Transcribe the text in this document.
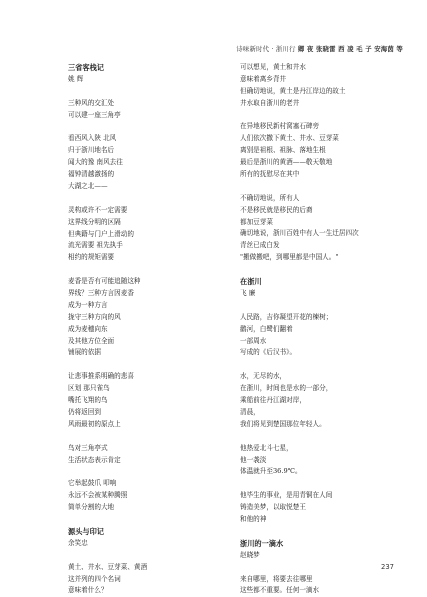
诗味新时代 · 浙川行 卿 夜 张晓雷 西 凌 毛 子 安海茵 等
三省客栈记
姚 辉
三种风的交汇处
可以建一座三角亭
看西风入陕 北风
归于浙川地名后
闻大的豫 南风去往
福钟清越激扬的
大湖之北——
灵构或许不一定需要
这界线分明的区隔
但典籍与门户上滑动的
流光需要 祖先执手
相约的规矩需要
麦香是否有可能追随这种
界线？三种方言因麦香
成为一种方言
拢守三种方向的风
成为麦穗向东
及其他方位全面
铺展的依据
让悲事推系明确的悲喜
区划 那只雀鸟
嘴托飞翔的鸟
仍将返回到
风雨最初的原点上
鸟对三角亭式
生活状态表示肯定
它举起鼓爪 叩响
永远不会被某种腾照
简单分割的大地
源头与印记
余笑忠
黄土、井水、豆芽菜、黄酒
这并列的四个名词
意味着什么？
可以想见，黄土和井水
意味着离乡背井
但确切地说，黄土是丹江岸边的故土
井水取自浙川的老井
在异地移民新村窝塞石碑旁
人们依次撒下黄土、井水、豆芽菜
离别是祖根、祖脉、落地生根
最后是浙川的黄酒——敬天敬地
所有的抚慰尽在其中
不确切地说，所有人
不是移民就是移民的后裔
都加豆芽菜
确切地说，浙川百姓中有人一生迁居四次
青丝已成白发
"搬做搬吧，到哪里都是中国人。"
在浙川
飞 廉
人民路，吉你凝望开花的楝树；
鹳河，白鹭们翻着
一部周水
写成的《后汉书》。
水，无尽的水，
在浙川，时间也是水的一部分，
乘船前往丹江湖对岸，
清晨，
我们将见到楚国那位年轻人。
他热爱北斗七星，
他一袭淡
体温就升至36.9℃。
他毕生的事业，是用青铜在人间
铸造美梦，以取悦楚王
和他的神
浙川的一滴水
赵晓梦
来自哪里，将要去往哪里
这些都不重要。任何一滴水
237
